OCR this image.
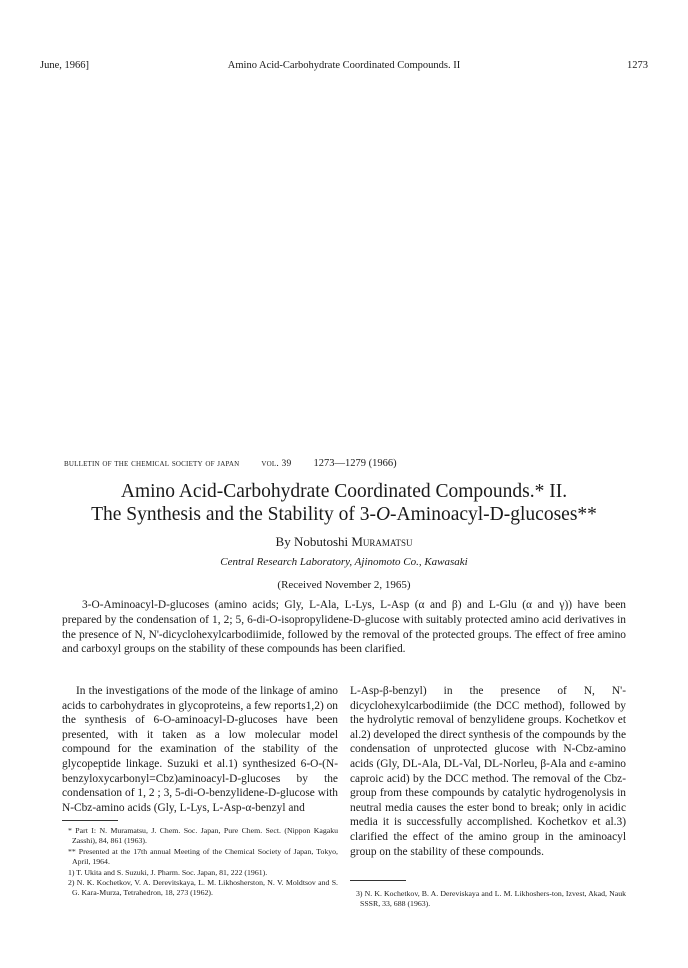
June, 1966]	Amino Acid-Carbohydrate Coordinated Compounds. II	1273
bulletin of the chemical society of japan vol. 39 1273—1279 (1966)
Amino Acid-Carbohydrate Coordinated Compounds.* II.
The Synthesis and the Stability of 3-O-Aminoacyl-D-glucoses**
By Nobutoshi Muramatsu
Central Research Laboratory, Ajinomoto Co., Kawasaki
(Received November 2, 1965)
3-O-Aminoacyl-D-glucoses (amino acids; Gly, L-Ala, L-Lys, L-Asp (α and β) and L-Glu (α and γ)) have been prepared by the condensation of 1, 2; 5, 6-di-O-isopropylidene-D-glucose with suitably protected amino acid derivatives in the presence of N, N'-dicyclohexylcarbodiimide, followed by the removal of the protected groups. The effect of free amino and carboxyl groups on the stability of these compounds has been clarified.

In the investigations of the mode of the linkage of amino acids to carbohydrates in glycoproteins, a few reports1,2) on the synthesis of 6-O-aminoacyl-D-glucoses have been presented, with it taken as a low molecular model compound for the examination of the stability of the glycopeptide linkage. Suzuki et al.1) synthesized 6-O-(N-benzyloxycarbonyl=Cbz)aminoacyl-D-glucoses by the condensation of 1, 2 ; 3, 5-di-O-benzylidene-D-glucose with N-Cbz-amino acids (Gly, L-Lys, L-Asp-α-benzyl and

L-Asp-β-benzyl) in the presence of N, N'-dicyclohexylcarbodiimide (the DCC method), followed by the hydrolytic removal of benzylidene groups. Kochetkov et al.2) developed the direct synthesis of the compounds by the condensation of unprotected glucose with N-Cbz-amino acids (Gly, DL-Ala, DL-Val, DL-Norleu, β-Ala and ε-amino caproic acid) by the DCC method. The removal of the Cbz-group from these compounds by catalytic hydrogenolysis in neutral media causes the ester bond to break; only in acidic media it is successfully accomplished. Kochetkov et al.3) clarified the effect of the amino group in the aminoacyl group on the stability of these compounds.

* Part I: N. Muramatsu, J. Chem. Soc. Japan, Pure Chem. Sect. (Nippon Kagaku Zasshi), 84, 861 (1963).
** Presented at the 17th annual Meeting of the Chemical Society of Japan, Tokyo, April, 1964.
1) T. Ukita and S. Suzuki, J. Pharm. Soc. Japan, 81, 222 (1961).
2) N. K. Kochetkov, V. A. Derevitskaya, L. M. Likhosherston, N. V. Moldtsov and S. G. Kara-Murza, Tetrahedron, 18, 273 (1962).	3) N. K. Kochetkov, B. A. Dereviskaya and L. M. Likhoshers-ton, Izvest, Akad, Nauk SSSR, 33, 688 (1963).
